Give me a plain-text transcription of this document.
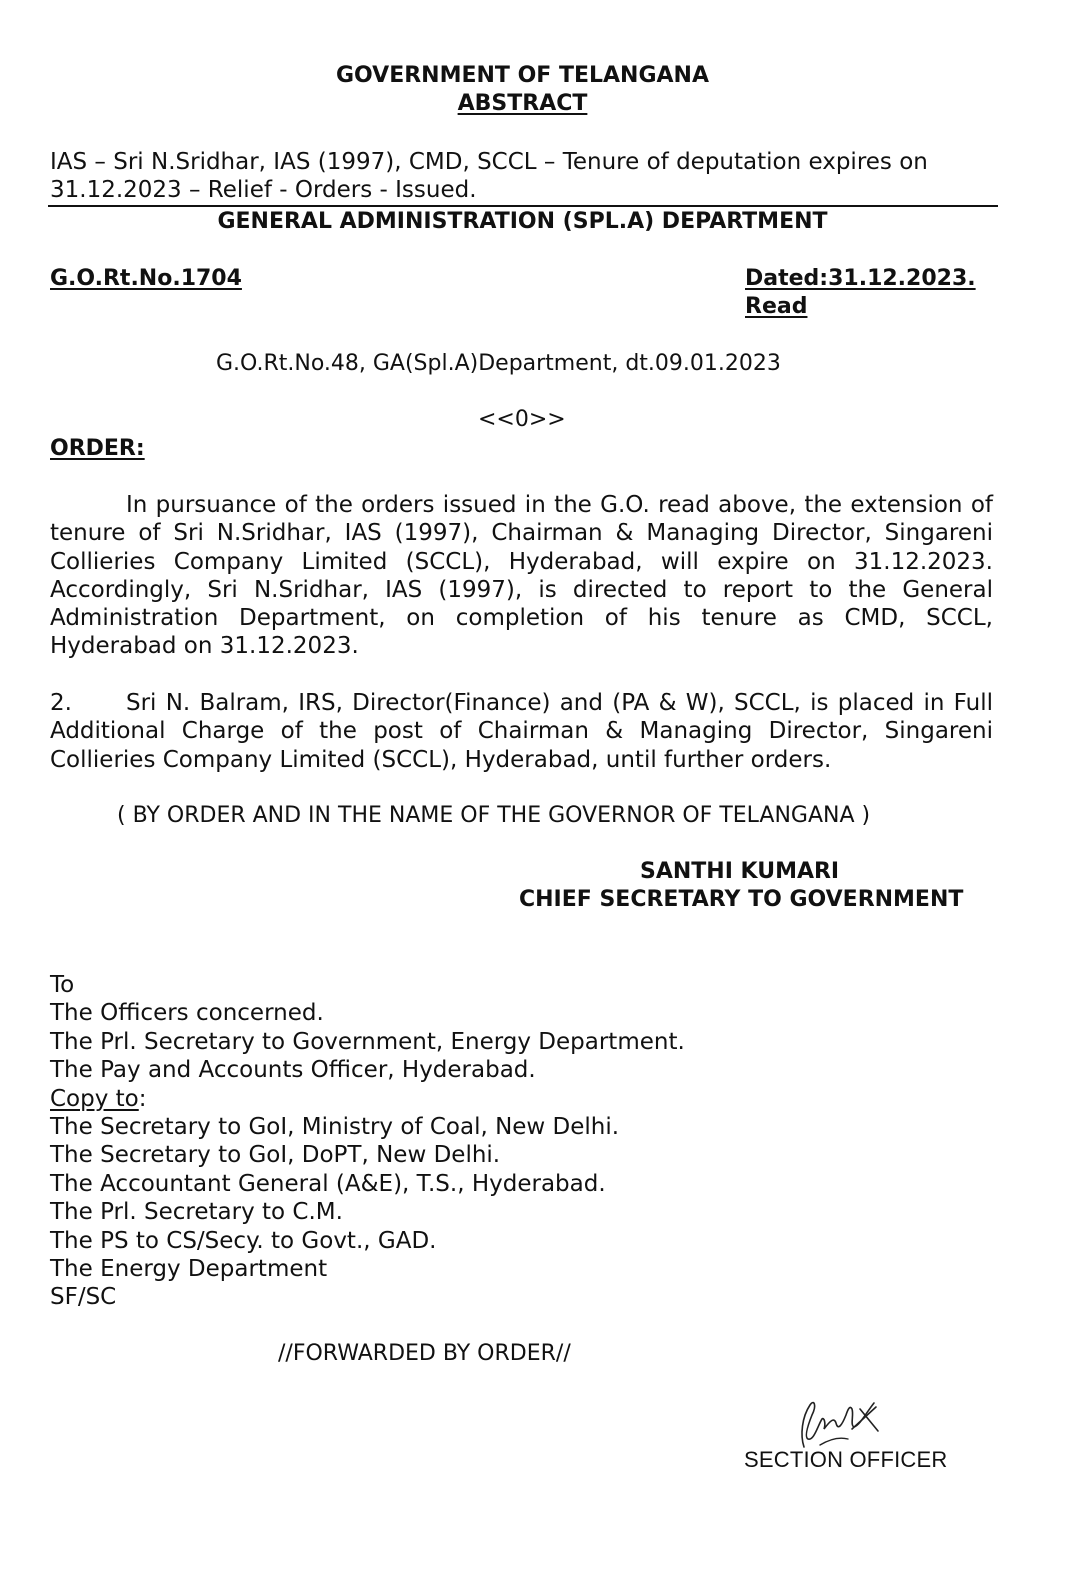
GOVERNMENT OF TELANGANA
ABSTRACT
IAS – Sri N.Sridhar, IAS (1997), CMD, SCCL – Tenure of deputation expires on 31.12.2023 – Relief - Orders - Issued.
GENERAL ADMINISTRATION (SPL.A) DEPARTMENT
G.O.Rt.No.1704	Dated:31.12.2023.
Read
G.O.Rt.No.48, GA(Spl.A)Department, dt.09.01.2023
<<0>>
ORDER:
In pursuance of the orders issued in the G.O. read above, the extension of tenure of Sri N.Sridhar, IAS (1997), Chairman & Managing Director, Singareni Collieries Company Limited (SCCL), Hyderabad, will expire on 31.12.2023. Accordingly, Sri N.Sridhar, IAS (1997), is directed to report to the General Administration Department, on completion of his tenure as CMD, SCCL, Hyderabad on 31.12.2023.
2. Sri N. Balram, IRS, Director(Finance) and (PA & W), SCCL, is placed in Full Additional Charge of the post of Chairman & Managing Director, Singareni Collieries Company Limited (SCCL), Hyderabad, until further orders.
( BY ORDER AND IN THE NAME OF THE GOVERNOR OF TELANGANA )
SANTHI KUMARI
CHIEF SECRETARY TO GOVERNMENT
To
The Officers concerned.
The Prl. Secretary to Government, Energy Department.
The Pay and Accounts Officer, Hyderabad.
Copy to:
The Secretary to GoI, Ministry of Coal, New Delhi.
The Secretary to GoI, DoPT, New Delhi.
The Accountant General (A&E), T.S., Hyderabad.
The Prl. Secretary to C.M.
The PS to CS/Secy. to Govt., GAD.
The Energy Department
SF/SC
//FORWARDED BY ORDER//
SECTION OFFICER
